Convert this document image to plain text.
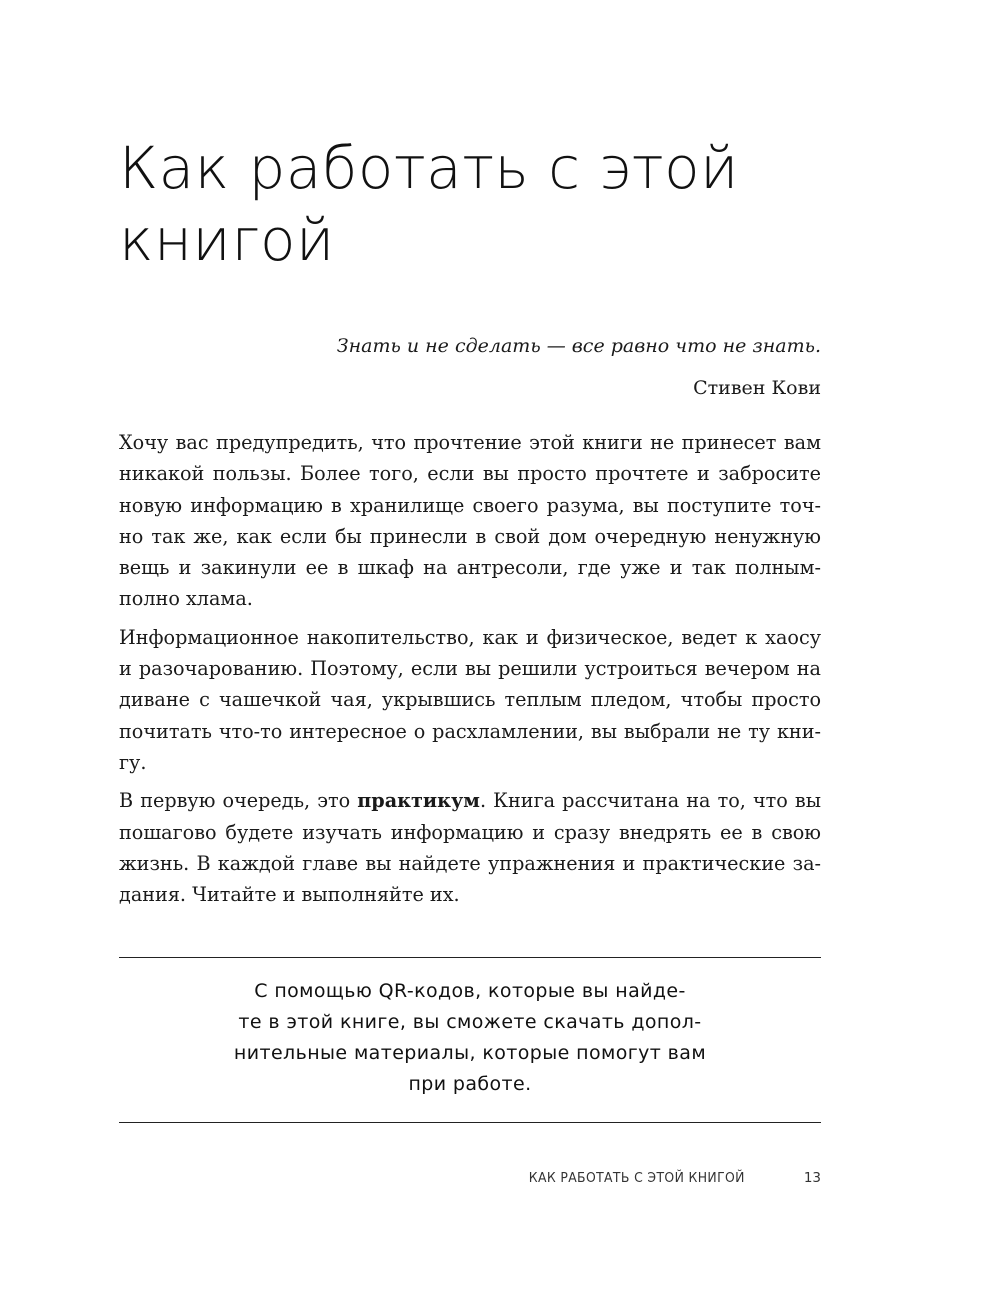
Как работать с этой
книгой
Знать и не сделать — все равно что не знать.
Стивен Кови

Хочу вас предупредить, что прочтение этой книги не принесет вам
никакой пользы. Более того, если вы просто прочтете и забросите
новую информацию в хранилище своего разума, вы поступите точ-
но так же, как если бы принесли в свой дом очередную ненужную
вещь и закинули ее в шкаф на антресоли, где уже и так полным-
полно хлама.

Информационное накопительство, как и физическое, ведет к хаосу
и разочарованию. Поэтому, если вы решили устроиться вечером на
диване с чашечкой чая, укрывшись теплым пледом, чтобы просто
почитать что-то интересное о расхламлении, вы выбрали не ту кни-
гу.

В первую очередь, это практикум. Книга рассчитана на то, что вы
пошагово будете изучать информацию и сразу внедрять ее в свою
жизнь. В каждой главе вы найдете упражнения и практические за-
дания. Читайте и выполняйте их.

С помощью QR-кодов, которые вы найде-
те в этой книге, вы сможете скачать допол-
нительные материалы, которые помогут вам
при работе.
КАК РАБОТАТЬ С ЭТОЙ КНИГОЙ	13
